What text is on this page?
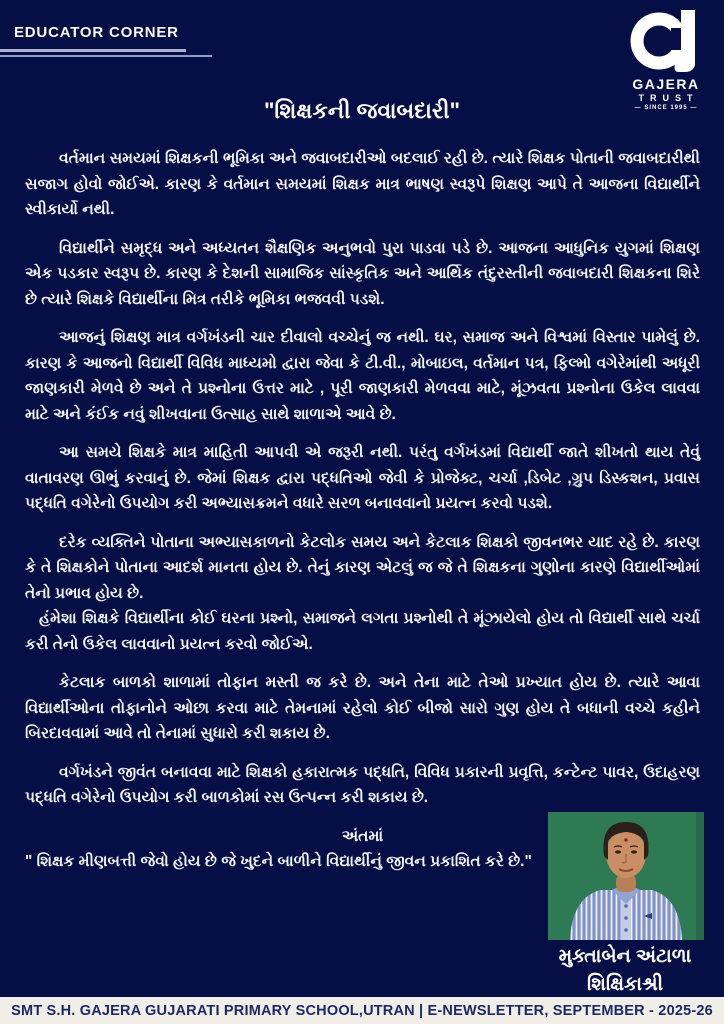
EDUCATOR CORNER
GAJERA
TRUST
— SINCE 1995 —
"શિક્ષકની જવાબદારી"

વર્તમાન સમયમાં શિક્ષકની ભૂમિકા અને જવાબદારીઓ બદલાઈ રહી છે. ત્યારે શિક્ષક પોતાની જવાબદારીથી સજાગ હોવો જોઈએ. કારણ કે વર્તમાન સમયમાં શિક્ષક માત્ર ભાષણ સ્વરૂપે શિક્ષણ આપે તે આજના વિદ્યાર્થીને સ્વીકાર્યો નથી.

વિદ્યાર્થીને સમૃદ્ધ અને અધ્યતન શૈક્ષણિક અનુભવો પુરા પાડવા પડે છે. આજના આધુનિક યુગમાં શિક્ષણ એક પડકાર સ્વરૂપ છે. કારણ કે દેશની સામાજિક સાંસ્કૃતિક અને આર્થિક તંદુરસ્તીની જવાબદારી શિક્ષકના શિરે છે ત્યારે શિક્ષકે વિદ્યાર્થીના મિત્ર તરીકે ભૂમિકા ભજવવી પડશે.

આજનું શિક્ષણ માત્ર વર્ગખંડની ચાર દીવાલો વચ્ચેનું જ નથી. ઘર, સમાજ અને વિશ્વમાં વિસ્તાર પામેલું છે. કારણ કે આજનો વિદ્યાર્થી વિવિધ માધ્યમો દ્વારા જેવા કે ટી.વી., મોબાઇલ, વર્તમાન પત્ર, ફિલ્મો વગેરેમાંથી અધૂરી જાણકારી મેળવે છે અને તે પ્રશ્નોના ઉત્તર માટે , પૂરી જાણકારી મેળવવા માટે, મૂંઝવતા પ્રશ્નોના ઉકેલ લાવવા માટે અને કંઈક નવું શીખવાના ઉત્સાહ સાથે શાળાએ આવે છે.

આ સમયે શિક્ષકે માત્ર માહિતી આપવી એ જરૂરી નથી. પરંતુ વર્ગખંડમાં વિદ્યાર્થી જાતે શીખતો થાય તેવું વાતાવરણ ઊભું કરવાનું છે. જેમાં શિક્ષક દ્વારા પદ્ધતિઓ જેવી કે પ્રોજેક્ટ, ચર્ચા ,ડિબેટ ,ગ્રુપ ડિસ્કશન, પ્રવાસ પદ્ધતિ વગેરેનો ઉપયોગ કરી અભ્યાસક્રમને વધારે સરળ બનાવવાનો પ્રયત્ન કરવો પડશે.

દરેક વ્યક્તિને પોતાના અભ્યાસકાળનો કેટલોક સમય અને કેટલાક શિક્ષકો જીવનભર યાદ રહે છે. કારણ કે તે શિક્ષકોને પોતાના આદર્શ માનતા હોય છે. તેનું કારણ એટલું જ જે તે શિક્ષકના ગુણોના કારણે વિદ્યાર્થીઓમાં તેનો પ્રભાવ હોય છે.

હંમેશા શિક્ષકે વિદ્યાર્થીના કોઈ ઘરના પ્રશ્નો, સમાજને લગતા પ્રશ્નોથી તે મૂંઝાયેલો હોય તો વિદ્યાર્થી સાથે ચર્ચા કરી તેનો ઉકેલ લાવવાનો પ્રયત્ન કરવો જોઈએ.

કેટલાક બાળકો શાળામાં તોફાન મસ્તી જ કરે છે. અને તેના માટે તેઓ પ્રખ્યાત હોય છે. ત્યારે આવા વિદ્યાર્થીઓના તોફાનોને ઓછા કરવા માટે તેમનામાં રહેલો કોઈ બીજો સારો ગુણ હોય તે બધાની વચ્ચે કહીને બિરદાવવામાં આવે તો તેનામાં સુધારો કરી શકાય છે.

વર્ગખંડને જીવંત બનાવવા માટે શિક્ષકો હકારાત્મક પદ્ધતિ, વિવિધ પ્રકારની પ્રવૃત્તિ, કન્ટેન્ટ પાવર, ઉદાહરણ પદ્ધતિ વગેરેનો ઉપયોગ કરી બાળકોમાં રસ ઉત્પન્ન કરી શકાય છે.

અંતમાં

" શિક્ષક મીણબત્તી જેવો હોય છે જે ખુદને બાળીને વિદ્યાર્થીનું જીવન પ્રકાશિત કરે છે."

મુક્તાબેન અંટાળા
શિક્ષિકાશ્રી
SMT S.H. GAJERA GUJARATI PRIMARY SCHOOL,UTRAN | E-NEWSLETTER, SEPTEMBER - 2025-26
